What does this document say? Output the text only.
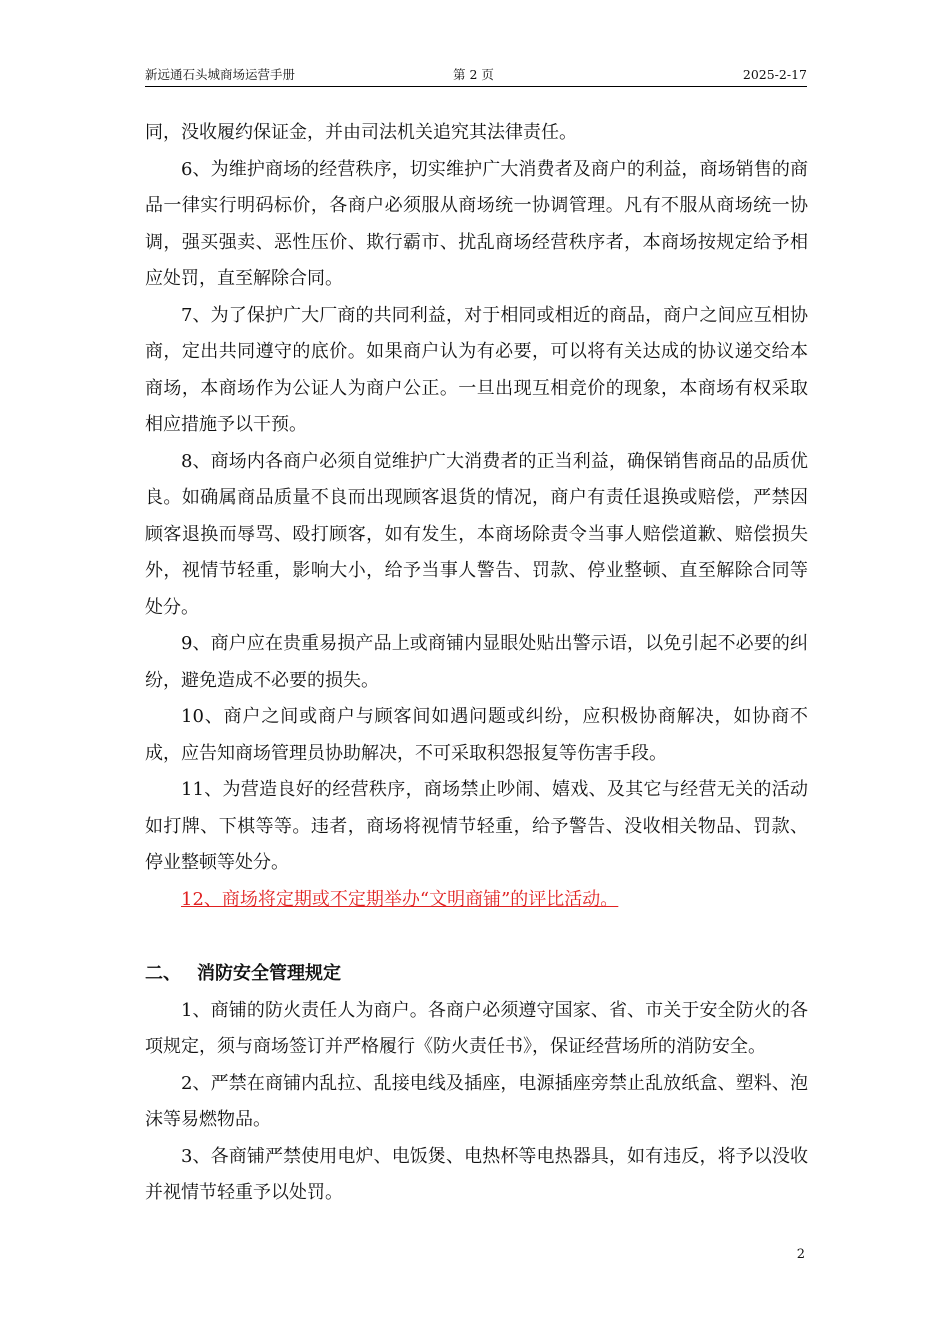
新远通石头城商场运营手册	第 2 页	2025-2-17

同，没收履约保证金，并由司法机关追究其法律责任。

6、为维护商场的经营秩序，切实维护广大消费者及商户的利益，商场销售的商品一律实行明码标价，各商户必须服从商场统一协调管理。凡有不服从商场统一协调，强买强卖、恶性压价、欺行霸市、扰乱商场经营秩序者，本商场按规定给予相应处罚，直至解除合同。

7、为了保护广大厂商的共同利益，对于相同或相近的商品，商户之间应互相协商，定出共同遵守的底价。如果商户认为有必要，可以将有关达成的协议递交给本商场，本商场作为公证人为商户公正。一旦出现互相竞价的现象，本商场有权采取相应措施予以干预。

8、商场内各商户必须自觉维护广大消费者的正当利益，确保销售商品的品质优良。如确属商品质量不良而出现顾客退货的情况，商户有责任退换或赔偿，严禁因顾客退换而辱骂、殴打顾客，如有发生，本商场除责令当事人赔偿道歉、赔偿损失外，视情节轻重，影响大小，给予当事人警告、罚款、停业整顿、直至解除合同等处分。

9、商户应在贵重易损产品上或商铺内显眼处贴出警示语，以免引起不必要的纠纷，避免造成不必要的损失。

10、商户之间或商户与顾客间如遇问题或纠纷，应积极协商解决，如协商不成，应告知商场管理员协助解决，不可采取积怨报复等伤害手段。

11、为营造良好的经营秩序，商场禁止吵闹、嬉戏、及其它与经营无关的活动如打牌、下棋等等。违者，商场将视情节轻重，给予警告、没收相关物品、罚款、停业整顿等处分。

12、商场将定期或不定期举办“文明商铺”的评比活动。

二、 消防安全管理规定

1、商铺的防火责任人为商户。各商户必须遵守国家、省、市关于安全防火的各项规定，须与商场签订并严格履行《防火责任书》，保证经营场所的消防安全。

2、严禁在商铺内乱拉、乱接电线及插座，电源插座旁禁止乱放纸盒、塑料、泡沫等易燃物品。

3、各商铺严禁使用电炉、电饭煲、电热杯等电热器具，如有违反，将予以没收并视情节轻重予以处罚。

2
